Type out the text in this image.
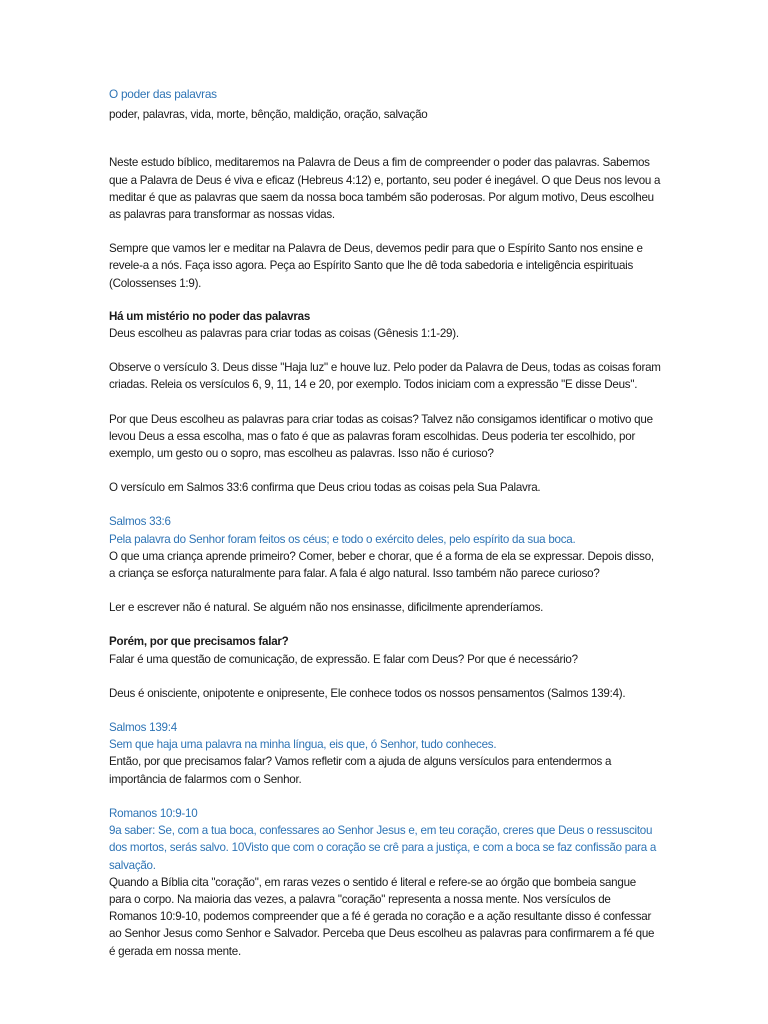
O poder das palavras

poder, palavras, vida, morte, bênção, maldição, oração, salvação

Neste estudo bíblico, meditaremos na Palavra de Deus a fim de compreender o poder das palavras. Sabemos que a Palavra de Deus é viva e eficaz (Hebreus 4:12) e, portanto, seu poder é inegável. O que Deus nos levou a meditar é que as palavras que saem da nossa boca também são poderosas. Por algum motivo, Deus escolheu as palavras para transformar as nossas vidas.

Sempre que vamos ler e meditar na Palavra de Deus, devemos pedir para que o Espírito Santo nos ensine e revele-a a nós. Faça isso agora. Peça ao Espírito Santo que lhe dê toda sabedoria e inteligência espirituais (Colossenses 1:9).

Há um mistério no poder das palavras

Deus escolheu as palavras para criar todas as coisas (Gênesis 1:1-29).

Observe o versículo 3. Deus disse "Haja luz" e houve luz. Pelo poder da Palavra de Deus, todas as coisas foram criadas. Releia os versículos 6, 9, 11, 14 e 20, por exemplo. Todos iniciam com a expressão "E disse Deus".

Por que Deus escolheu as palavras para criar todas as coisas? Talvez não consigamos identificar o motivo que levou Deus a essa escolha, mas o fato é que as palavras foram escolhidas. Deus poderia ter escolhido, por exemplo, um gesto ou o sopro, mas escolheu as palavras. Isso não é curioso?

O versículo em Salmos 33:6 confirma que Deus criou todas as coisas pela Sua Palavra.

Salmos 33:6

Pela palavra do Senhor foram feitos os céus; e todo o exército deles, pelo espírito da sua boca.

O que uma criança aprende primeiro? Comer, beber e chorar, que é a forma de ela se expressar. Depois disso, a criança se esforça naturalmente para falar. A fala é algo natural. Isso também não parece curioso?

Ler e escrever não é natural. Se alguém não nos ensinasse, dificilmente aprenderíamos.

Porém, por que precisamos falar?

Falar é uma questão de comunicação, de expressão. E falar com Deus? Por que é necessário?

Deus é onisciente, onipotente e onipresente, Ele conhece todos os nossos pensamentos (Salmos 139:4).

Salmos 139:4

Sem que haja uma palavra na minha língua, eis que, ó Senhor, tudo conheces.

Então, por que precisamos falar? Vamos refletir com a ajuda de alguns versículos para entendermos a importância de falarmos com o Senhor.

Romanos 10:9-10

9a saber: Se, com a tua boca, confessares ao Senhor Jesus e, em teu coração, creres que Deus o ressuscitou dos mortos, serás salvo. 10Visto que com o coração se crê para a justiça, e com a boca se faz confissão para a salvação.

Quando a Bíblia cita "coração", em raras vezes o sentido é literal e refere-se ao órgão que bombeia sangue para o corpo. Na maioria das vezes, a palavra "coração" representa a nossa mente. Nos versículos de Romanos 10:9-10, podemos compreender que a fé é gerada no coração e a ação resultante disso é confessar ao Senhor Jesus como Senhor e Salvador. Perceba que Deus escolheu as palavras para confirmarem a fé que é gerada em nossa mente.
